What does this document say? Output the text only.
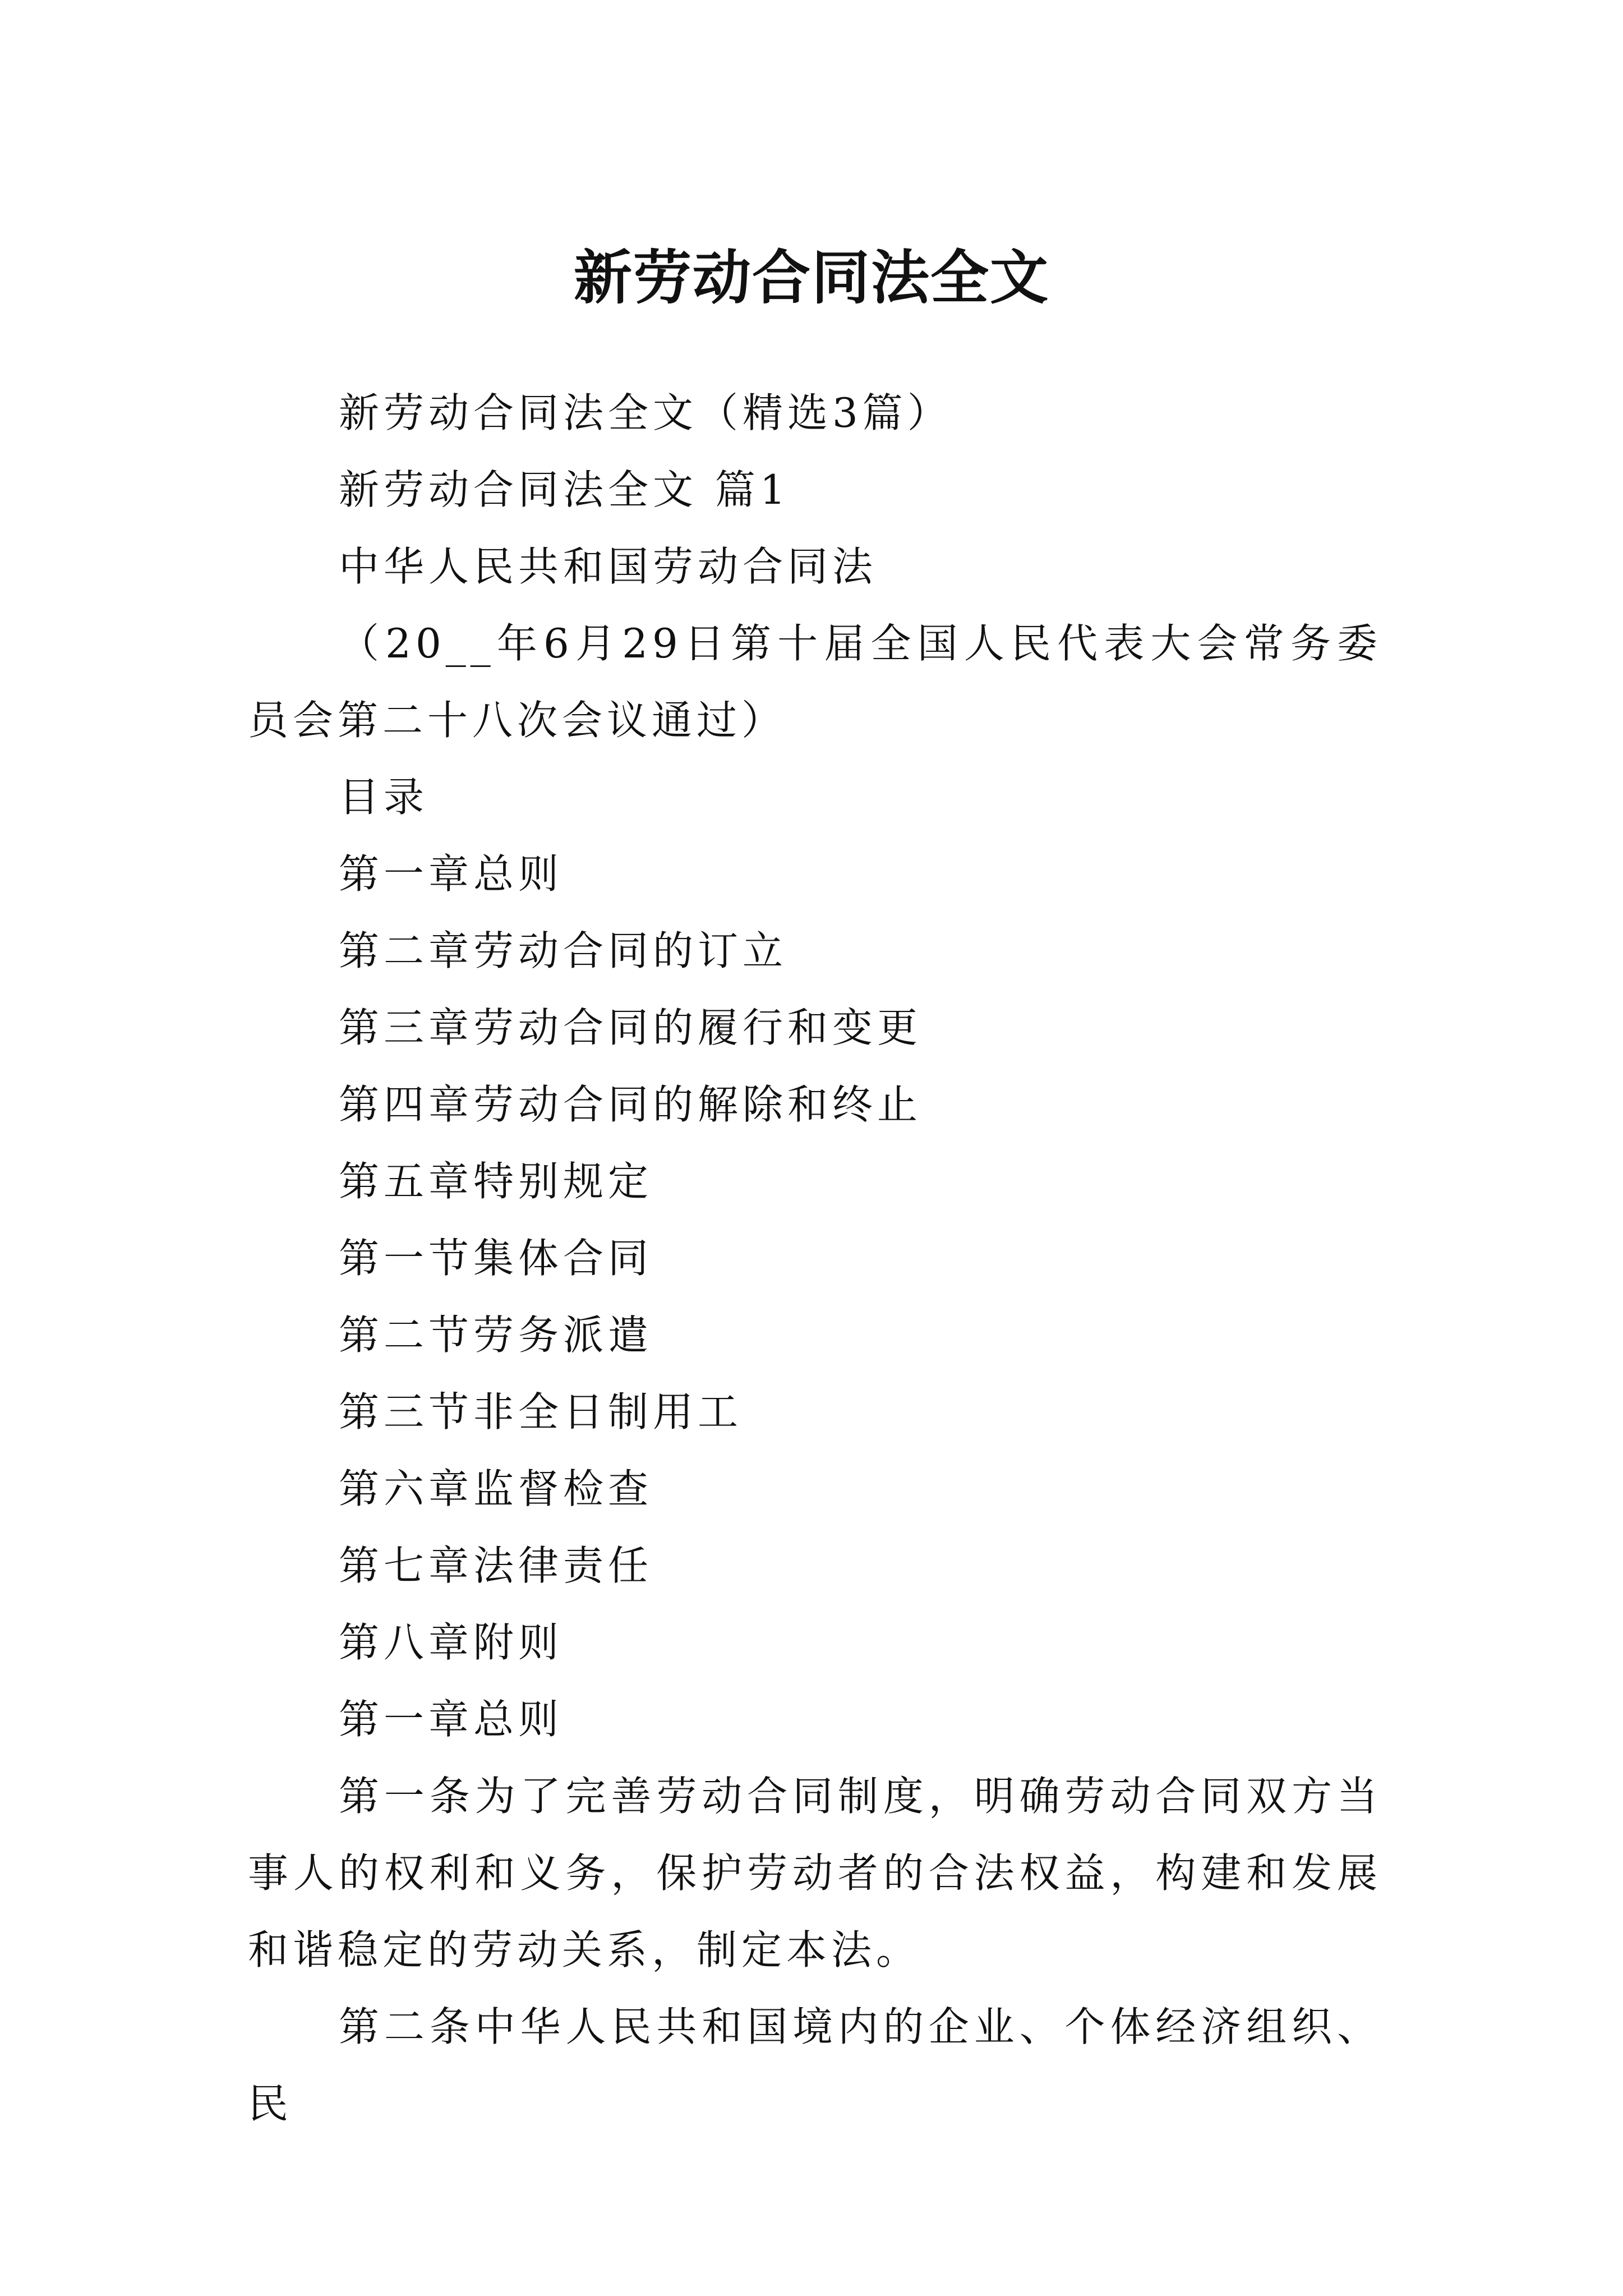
新劳动合同法全文

新劳动合同法全文（精选3篇）

新劳动合同法全文 篇1

中华人民共和国劳动合同法

（20__年6月29日第十届全国人民代表大会常务委员会第二十八次会议通过）

目录

第一章总则

第二章劳动合同的订立

第三章劳动合同的履行和变更

第四章劳动合同的解除和终止

第五章特别规定

第一节集体合同

第二节劳务派遣

第三节非全日制用工

第六章监督检查

第七章法律责任

第八章附则

第一章总则

第一条为了完善劳动合同制度，明确劳动合同双方当事人的权利和义务，保护劳动者的合法权益，构建和发展和谐稳定的劳动关系，制定本法。

第二条中华人民共和国境内的企业、个体经济组织、民
